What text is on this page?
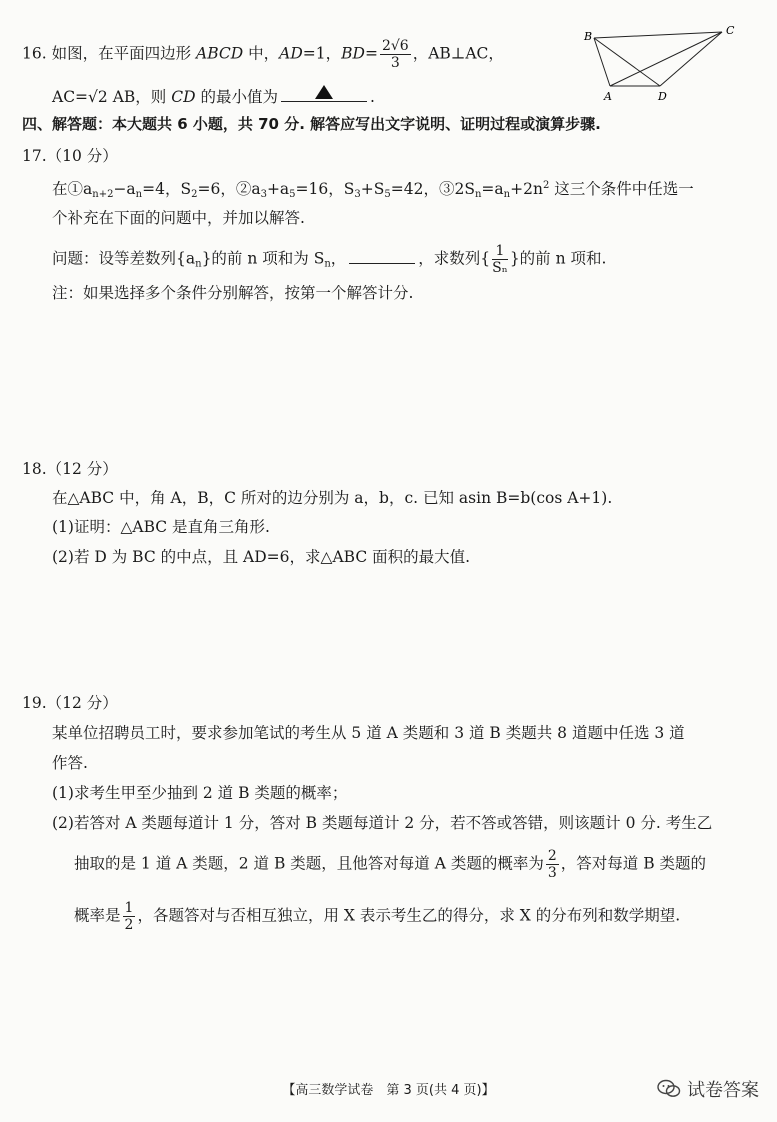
16. 如图，在平面四边形 ABCD 中，AD=1，$BD= \frac{2√6}{3}$ ，AB⊥AC，
AC=√2 AB，则 CD 的最小值为	.
B	C
A	D
四、解答题：本大题共 6 小题，共 70 分. 解答应写出文字说明、证明过程或演算步骤.
17.（10 分）
在$①a_{n+2}-a_n=4$，$S_2=6$，$②a_3+a_5=16$，$S_3+S_5=42$，$③2S_n=a_n+2n^2$ 这三个条件中任选一
个补充在下面的问题中，并加以解答.
问题：设等差数列$\{a_n\}$的前 n 项和为 $S_n$，	，求数列{ $\frac{1}{\text{Sₙ}}$ }的前 n 项和.
注：如果选择多个条件分别解答，按第一个解答计分.
18.（12 分）
在△ABC 中，角 A，B，C 所对的边分别为 a，b，c. 已知 asin B=b(cos A+1).
(1)证明：△ABC 是直角三角形.
(2)若 D 为 BC 的中点，且 AD=6，求△ABC 面积的最大值.
19.（12 分）
某单位招聘员工时，要求参加笔试的考生从 5 道 A 类题和 3 道 B 类题共 8 道题中任选 3 道
作答.
(1)求考生甲至少抽到 2 道 B 类题的概率；
(2)若答对 A 类题每道计 1 分，答对 B 类题每道计 2 分，若不答或答错，则该题计 0 分. 考生乙
抽取的是 1 道 A 类题，2 道 B 类题，且他答对每道 A 类题的概率为 $\frac{2}{3}$ ，答对每道 B 类题的
概率是 $\frac{1}{2}$ ，各题答对与否相互独立，用 X 表示考生乙的得分，求 X 的分布列和数学期望.
【高三数学试卷　第 3 页(共 4 页)】	试卷答案
